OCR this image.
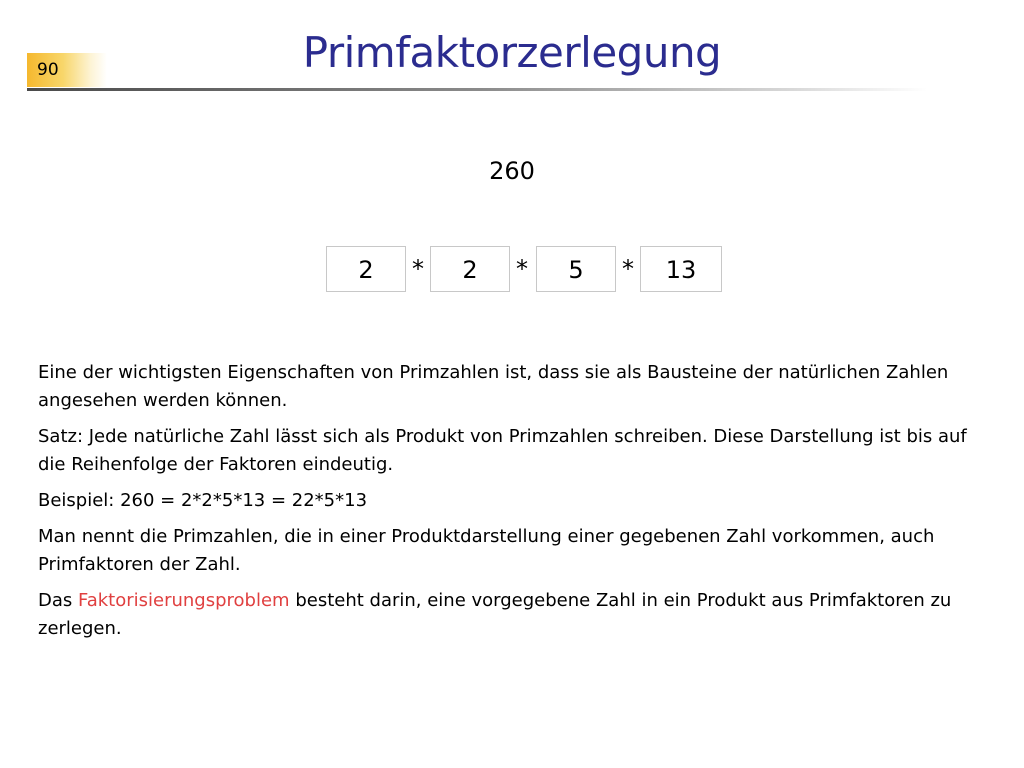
90	Primfaktorzerlegung
260
2	*	2	*	5	*	13

Eine der wichtigsten Eigenschaften von Primzahlen ist, dass sie als Bausteine der natürlichen Zahlen angesehen werden können.

Satz: Jede natürliche Zahl lässt sich als Produkt von Primzahlen schreiben. Diese Darstellung ist bis auf die Reihenfolge der Faktoren eindeutig.

Beispiel: 260 = 2*2*5*13 = 22*5*13

Man nennt die Primzahlen, die in einer Produktdarstellung einer gegebenen Zahl vorkommen, auch Primfaktoren der Zahl.

Das Faktorisierungsproblem besteht darin, eine vorgegebene Zahl in ein Produkt aus Primfaktoren zu zerlegen.
